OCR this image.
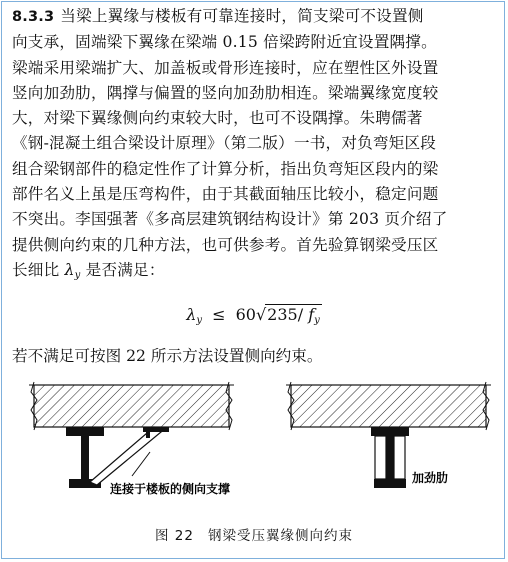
8.3.3 当梁上翼缘与楼板有可靠连接时，简支梁可不设置侧
向支承，固端梁下翼缘在梁端 0.15 倍梁跨附近宜设置隅撑。
梁端采用梁端扩大、加盖板或骨形连接时，应在塑性区外设置
竖向加劲肋，隅撑与偏置的竖向加劲肋相连。梁端翼缘宽度较
大，对梁下翼缘侧向约束较大时，也可不设隅撑。朱聘儒著
《钢-混凝土组合梁设计原理》（第二版）一书，对负弯矩区段
组合梁钢部件的稳定性作了计算分析，指出负弯矩区段内的梁
部件名义上虽是压弯构件，由于其截面轴压比较小，稳定问题
不突出。李国强著《多高层建筑钢结构设计》第 203 页介绍了
提供侧向约束的几种方法，也可供参考。首先验算钢梁受压区
长细比 $\lambda_y$ 是否满足：
$\lambda_y \le 60√235/$ $f_y$
若不满足可按图 22 所示方法设置侧向约束。
连接于楼板的侧向支撑
加劲肋
图 22 钢梁受压翼缘侧向约束
